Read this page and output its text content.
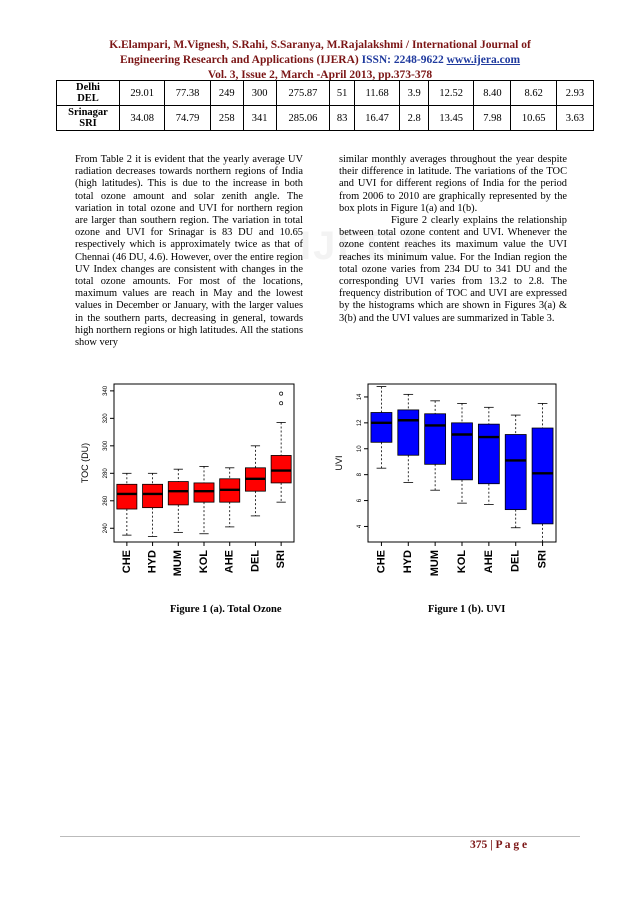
K.Elampari, M.Vignesh, S.Rahi, S.Saranya, M.Rajalakshmi / International Journal of
Engineering Research and Applications (IJERA) ISSN: 2248-9622 www.ijera.com
Vol. 3, Issue 2, March -April 2013, pp.373-378
Delhi
DEL	29.01	77.38	249	300	275.87	51	11.68	3.9	12.52	8.40	8.62	2.93

Srinagar
SRI	34.08	74.79	258	341	285.06	83	16.47	2.8	13.45	7.98	10.65	3.63

From Table 2 it is evident that the yearly average UV radiation decreases towards northern regions of India (high latitudes). This is due to the increase in both total ozone amount and solar zenith angle. The variation in total ozone and UVI for northern region are larger than southern region. The variation in total ozone and UVI for Srinagar is 83 DU and 10.65 respectively which is approximately twice as that of Chennai (46 DU, 4.6). However, over the entire region UV Index changes are consistent with changes in the total ozone amounts. For most of the locations, maximum values are reach in May and the lowest values in December or January, with the larger values in the southern parts, decreasing in general, towards high northern regions or high latitudes. All the stations show very

similar monthly averages throughout the year despite their difference in latitude. The variations of the TOC and UVI for different regions of India for the period from 2006 to 2010 are graphically represented by the box plots in Figure 1(a) and 1(b).

Figure 2 clearly explains the relationship between total ozone content and UVI. Whenever the ozone content reaches its maximum value the UVI reaches its minimum value. For the Indian region the total ozone varies from 234 DU to 341 DU and the corresponding UVI varies from 13.2 to 2.8. The frequency distribution of TOC and UVI are expressed by the histograms which are shown in Figures 3(a) & 3(b) and the UVI values are summarized in Table 3.

240
260
280
300
320
340
TOC (DU)
CHE HYD MUM KOL AHE DEL SRI
4
6
8
10
12
14
UVI
CHE HYD MUM KOL AHE DEL SRI
Figure 1 (a). Total Ozone	Figure 1 (b). UVI
375 | P a g e
